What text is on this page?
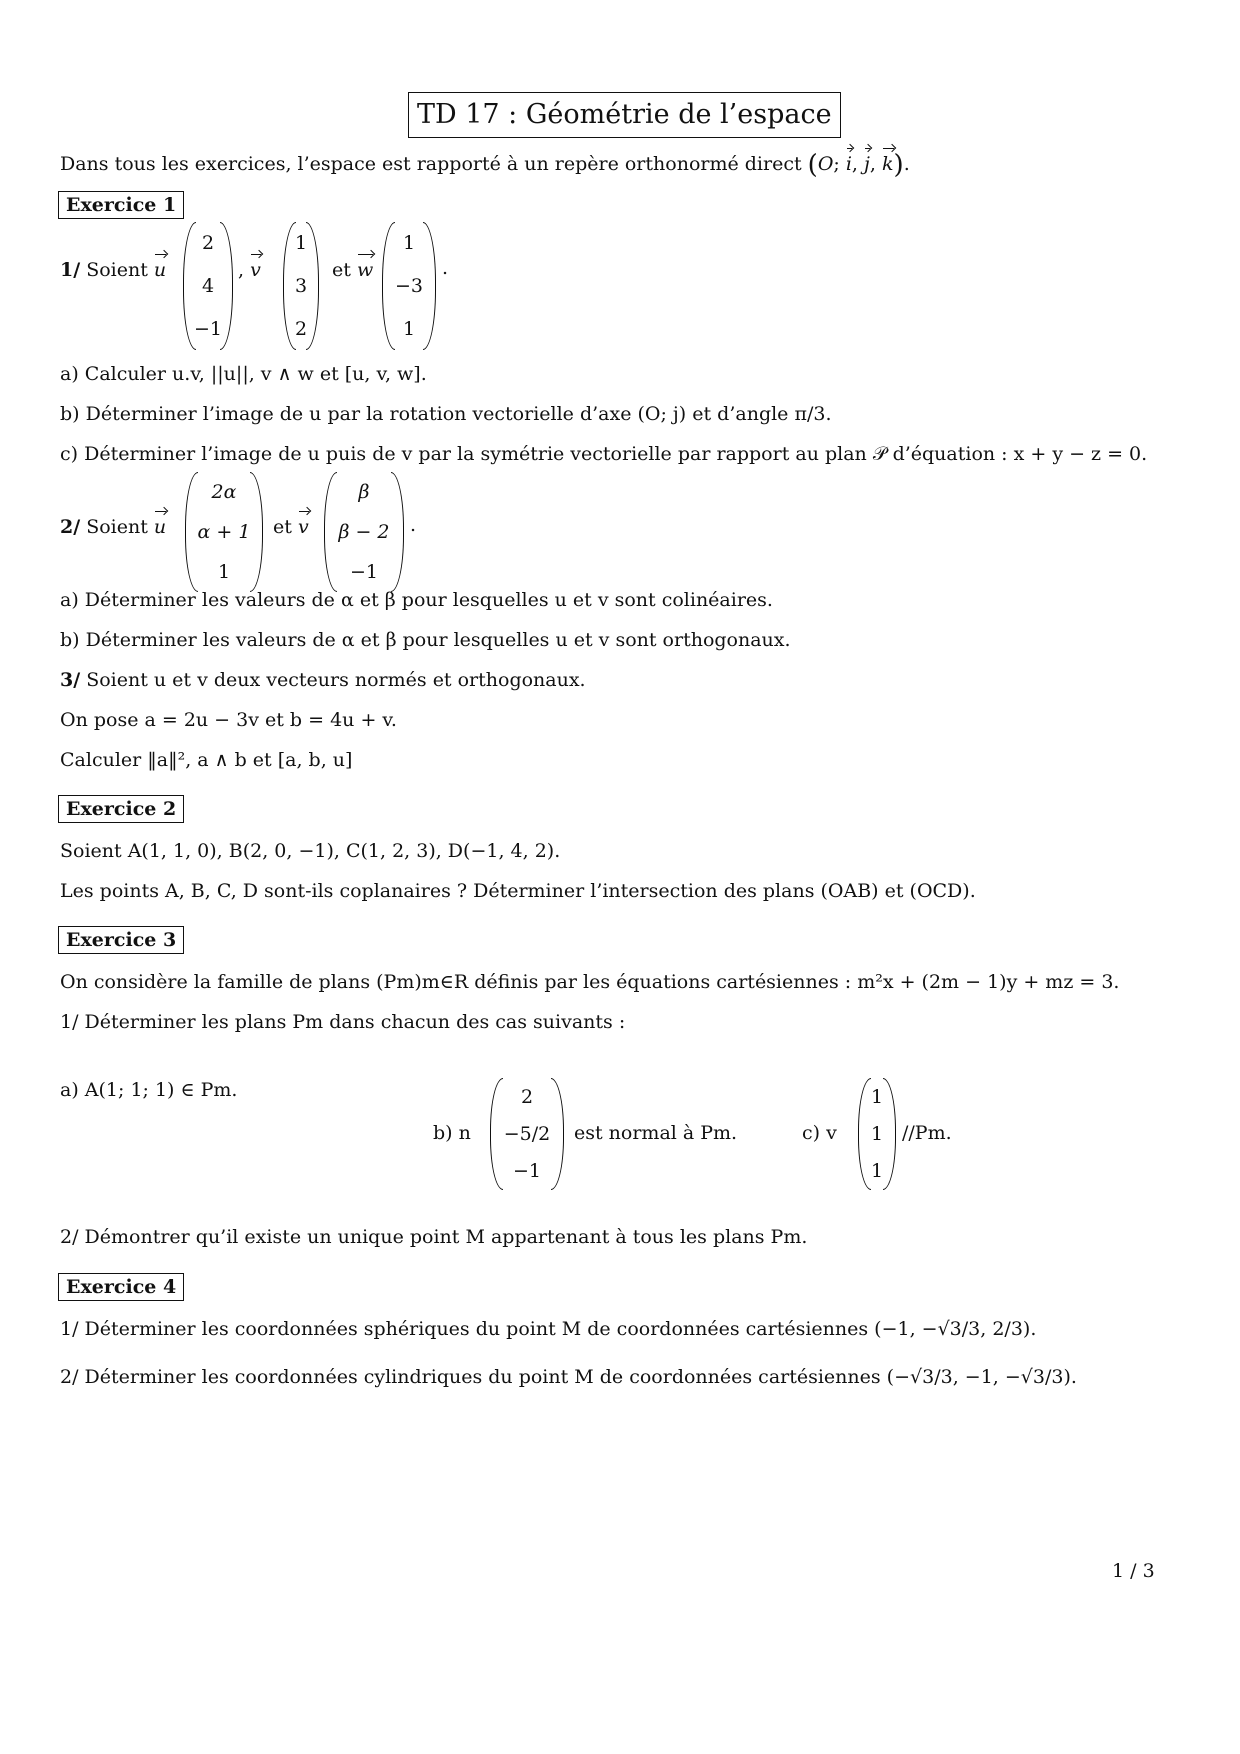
TD 17 : Géométrie de l’espace
Dans tous les exercices, l’espace est rapporté à un repère orthonormé direct (O; i, j, k).
Exercice 1
1/ Soient u
2
4
−1
, v
1
3
2
et w
1
−3
1
.
a) Calculer u.v, ||u||, v ∧ w et [u, v, w].
b) Déterminer l’image de u par la rotation vectorielle d’axe (O; j) et d’angle π/3.
c) Déterminer l’image de u puis de v par la symétrie vectorielle par rapport au plan 𝒫 d’équation : x + y − z = 0.
2/ Soient u
2α
α + 1
1
et v
β
β − 2
−1
.
a) Déterminer les valeurs de α et β pour lesquelles u et v sont colinéaires.
b) Déterminer les valeurs de α et β pour lesquelles u et v sont orthogonaux.
3/ Soient u et v deux vecteurs normés et orthogonaux.
On pose a = 2u − 3v et b = 4u + v.
Calculer ‖a‖², a ∧ b et [a, b, u]
Exercice 2
Soient A(1, 1, 0), B(2, 0, −1), C(1, 2, 3), D(−1, 4, 2).
Les points A, B, C, D sont-ils coplanaires ? Déterminer l’intersection des plans (OAB) et (OCD).
Exercice 3
On considère la famille de plans (Pm)m∈R définis par les équations cartésiennes : m²x + (2m − 1)y + mz = 3.
1/ Déterminer les plans Pm dans chacun des cas suivants :
a) A(1; 1; 1) ∈ Pm.
b) n
2
−5/2
−1
est normal à Pm.	c) v
1
1
1
//Pm.
2/ Démontrer qu’il existe un unique point M appartenant à tous les plans Pm.
Exercice 4
1/ Déterminer les coordonnées sphériques du point M de coordonnées cartésiennes (−1, −√3/3, 2/3).
2/ Déterminer les coordonnées cylindriques du point M de coordonnées cartésiennes (−√3/3, −1, −√3/3).
1 / 3
